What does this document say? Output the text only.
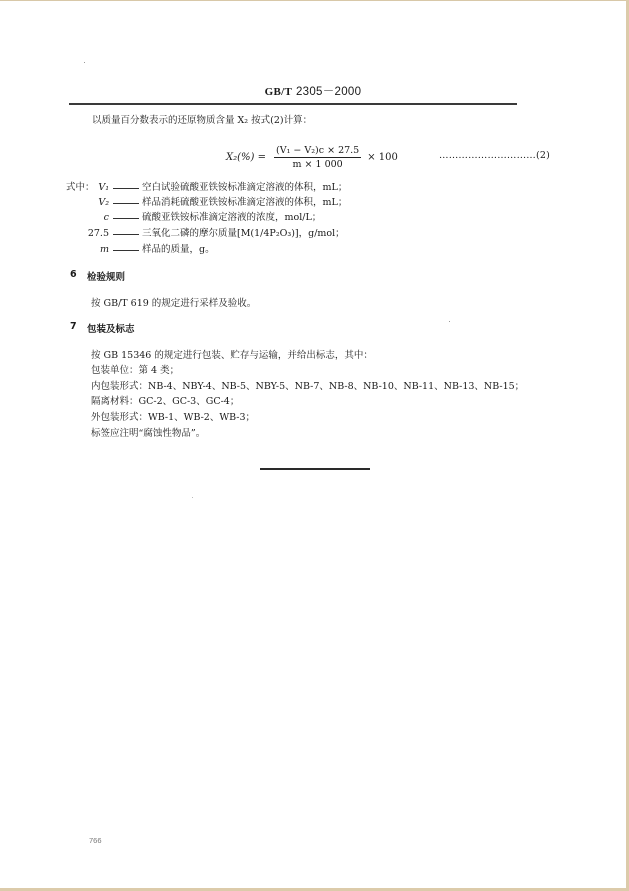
GB/T 2305－2000
以质量百分数表示的还原物质含量 X₂ 按式(2)计算：
$X_2(\%) = \frac{\text{(V₁ − V₂)c × 27.5}}{m \times 1 000} \times 100$	…………………………(2)
式中： V₁	空白试验硫酸亚铁铵标准滴定溶液的体积，mL；
V₂	样品消耗硫酸亚铁铵标准滴定溶液的体积，mL；
c	硫酸亚铁铵标准滴定溶液的浓度，mol/L；
27.5	三氧化二磷的摩尔质量[M(1/4P₂O₃)]，g/mol；
m	样品的质量，g。
6 检验规则
按 GB/T 619 的规定进行采样及验收。
7 包装及标志
按 GB 15346 的规定进行包装、贮存与运输，并给出标志，其中：
包装单位：第 4 类；
内包装形式：NB-4、NBY-4、NB-5、NBY-5、NB-7、NB-8、NB-10、NB-11、NB-13、NB-15；
隔离材料：GC-2、GC-3、GC-4；
外包装形式：WB-1、WB-2、WB-3；
标签应注明“腐蚀性物品”。
766
